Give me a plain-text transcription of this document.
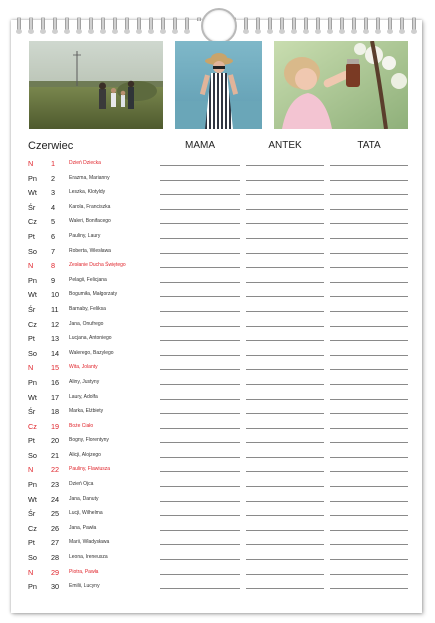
Czerwiec	MAMA	ANTEK	TATA
N 1	Dzień Dziecka
Pn 2	Erazma, Marianny
Wt 3	Leszka, Klotyldy
Śr 4	Karola, Franciszka
Cz 5	Waleri, Bonifacego
Pt 6	Pauliny, Laury
So 7	Roberta, Wiesława
N 8	Zesłanie Ducha Świętego
Pn 9	Pelagii, Felicjana
Wt 10 Bogumiła, Małgorzaty
Śr 11 Barnaby, Feliksa
Cz 12 Jana, Onufrego
Pt 13 Lucjana, Antoniego
So 14 Walerego, Bazylego
N 15 Wita, Jolanty
Pn 16 Aliny, Justyny
Wt 17 Laury, Adolfa
Śr 18 Marka, Elżbiety
Cz 19 Boże Ciało
Pt 20 Bogny, Florentyny
So 21 Alicji, Alojzego
N 22 Pauliny, Flawiusza
Pn 23 Dzień Ojca
Wt 24 Jana, Danuty
Śr 25 Lucji, Wilhelma
Cz 26 Jana, Pawła
Pt 27 Marii, Władysława
So 28 Leona, Ireneusza
N 29 Piotra, Pawła
Pn 30 Emilii, Lucyny
